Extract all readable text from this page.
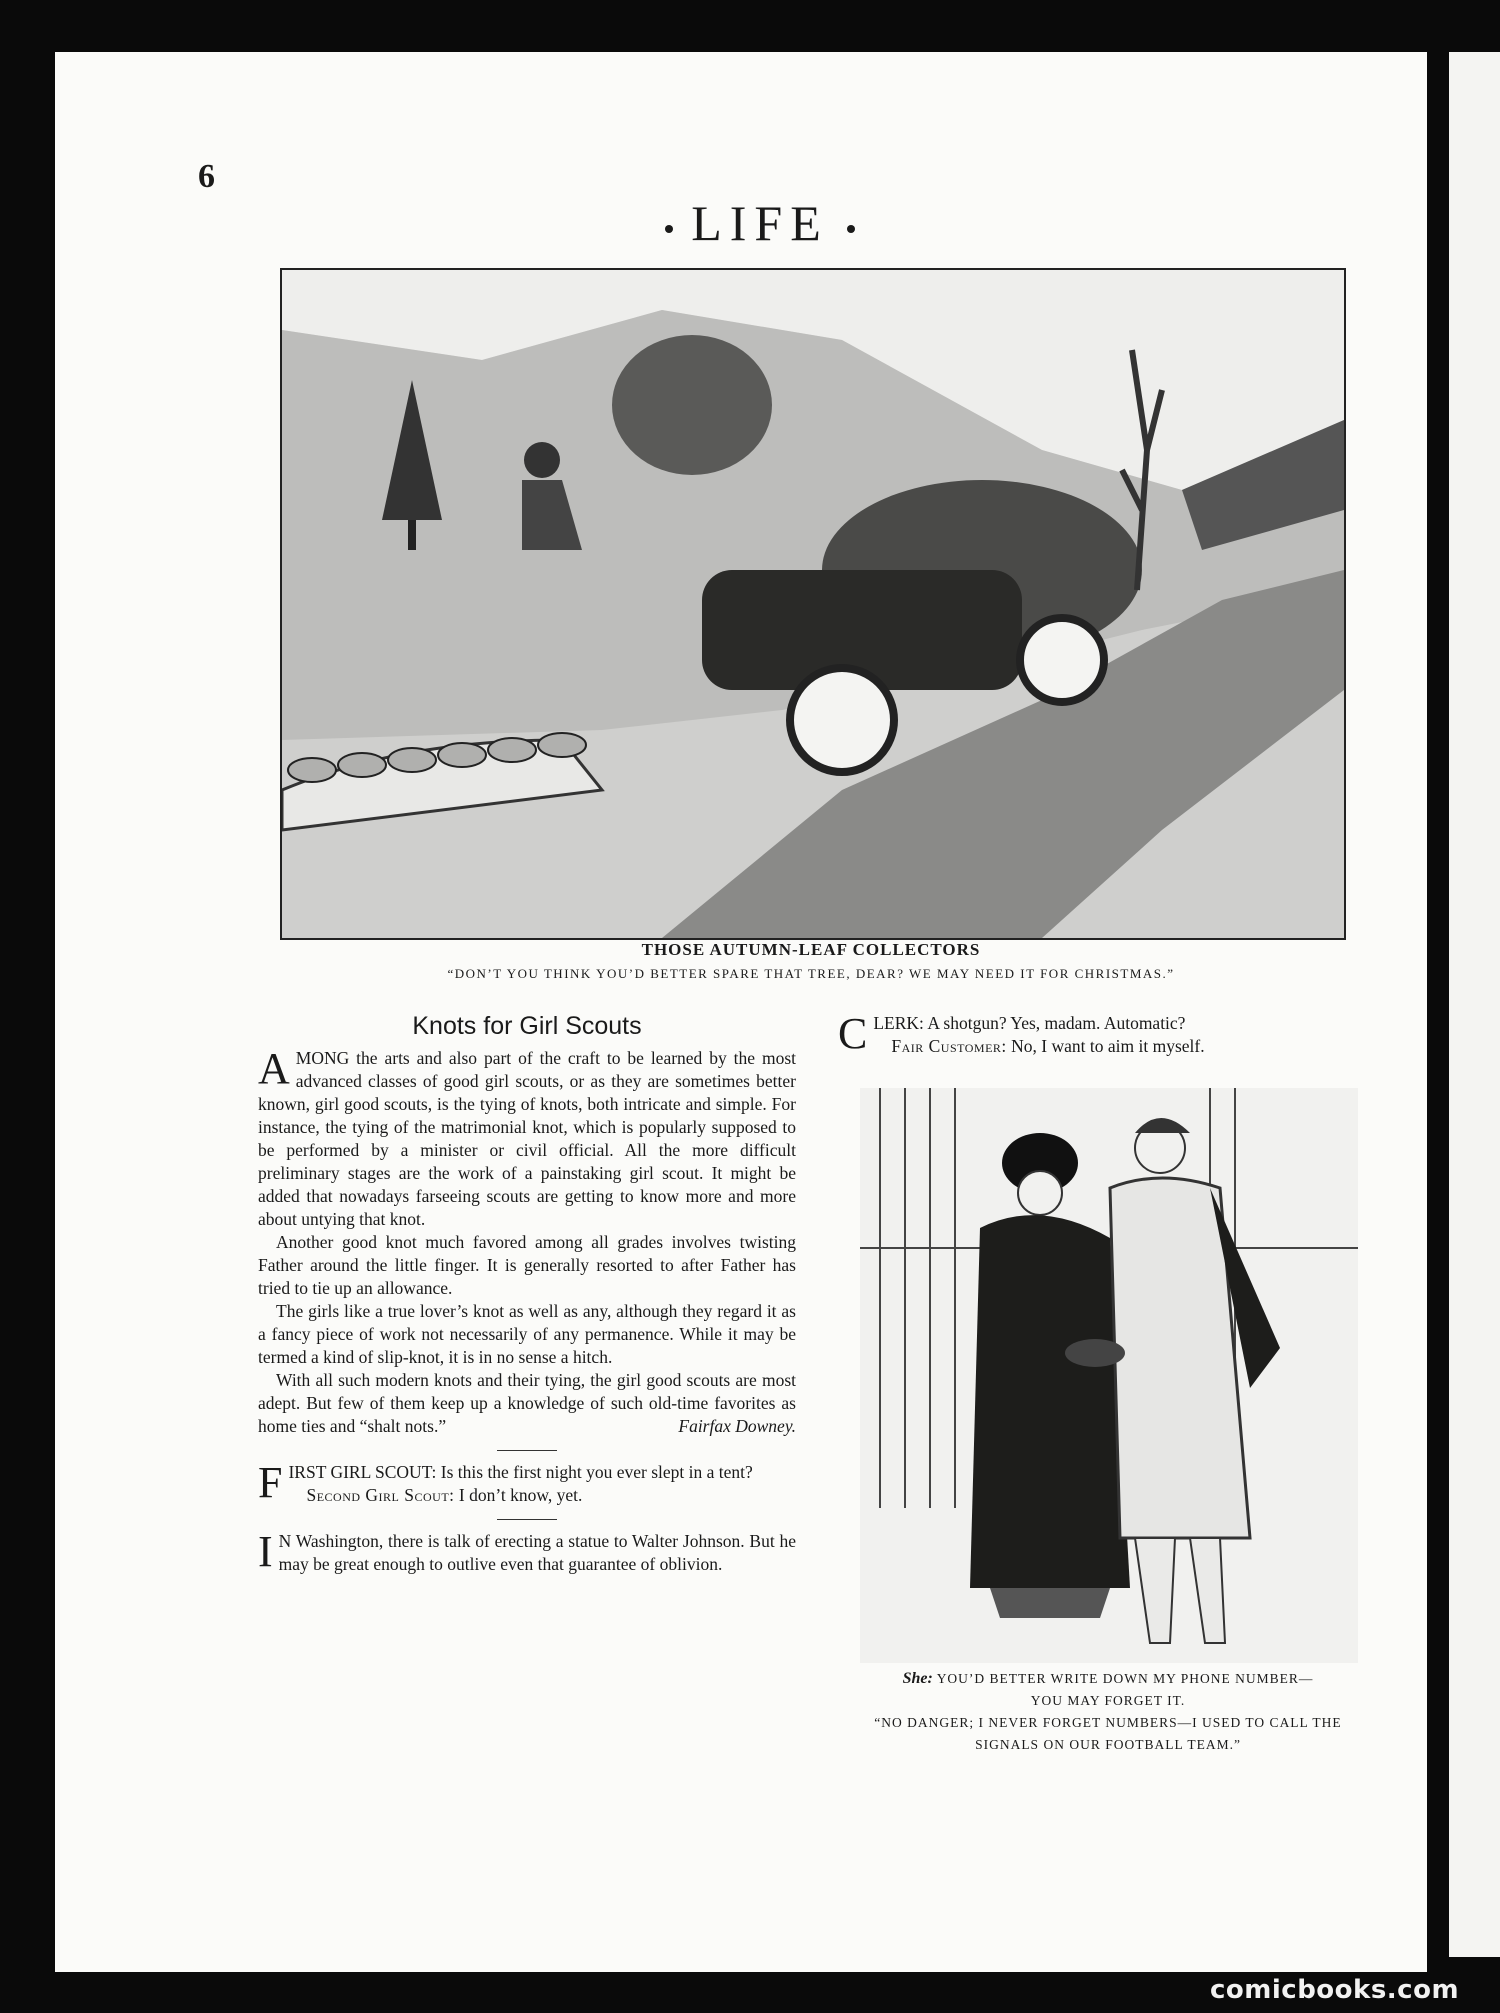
6
LIFE
THOSE AUTUMN-LEAF COLLECTORS
“DON’T YOU THINK YOU’D BETTER SPARE THAT TREE, DEAR? WE MAY NEED IT FOR CHRISTMAS.”
Knots for Girl Scouts

AMONG the arts and also part of the craft to be learned by the most advanced classes of good girl scouts, or as they are sometimes better known, girl good scouts, is the tying of knots, both intricate and simple. For instance, the tying of the matrimonial knot, which is popularly supposed to be performed by a minister or civil official. All the more difficult preliminary stages are the work of a painstaking girl scout. It might be added that nowadays farseeing scouts are getting to know more and more about untying that knot.

Another good knot much favored among all grades involves twisting Father around the little finger. It is generally resorted to after Father has tried to tie up an allowance.

The girls like a true lover’s knot as well as any, although they regard it as a fancy piece of work not necessarily of any permanence. While it may be termed a kind of slip-knot, it is in no sense a hitch.

With all such modern knots and their tying, the girl good scouts are most adept. But few of them keep up a knowledge of such old-time favorites as home ties and “shalt nots.”	Fairfax Downey.

F IRST GIRL SCOUT: Is this the first night you ever slept in a tent?
Second Girl Scout: I don’t know, yet.

I N Washington, there is talk of erecting a statue to Walter Johnson. But he may be great enough to outlive even that guarantee of oblivion.

C LERK: A shotgun? Yes, madam. Automatic?
Fair Customer: No, I want to aim it myself.
She: YOU’D BETTER WRITE DOWN MY PHONE NUMBER—
YOU MAY FORGET IT.
“NO DANGER; I NEVER FORGET NUMBERS—I USED TO CALL THE
SIGNALS ON OUR FOOTBALL TEAM.”
comicbooks.com
